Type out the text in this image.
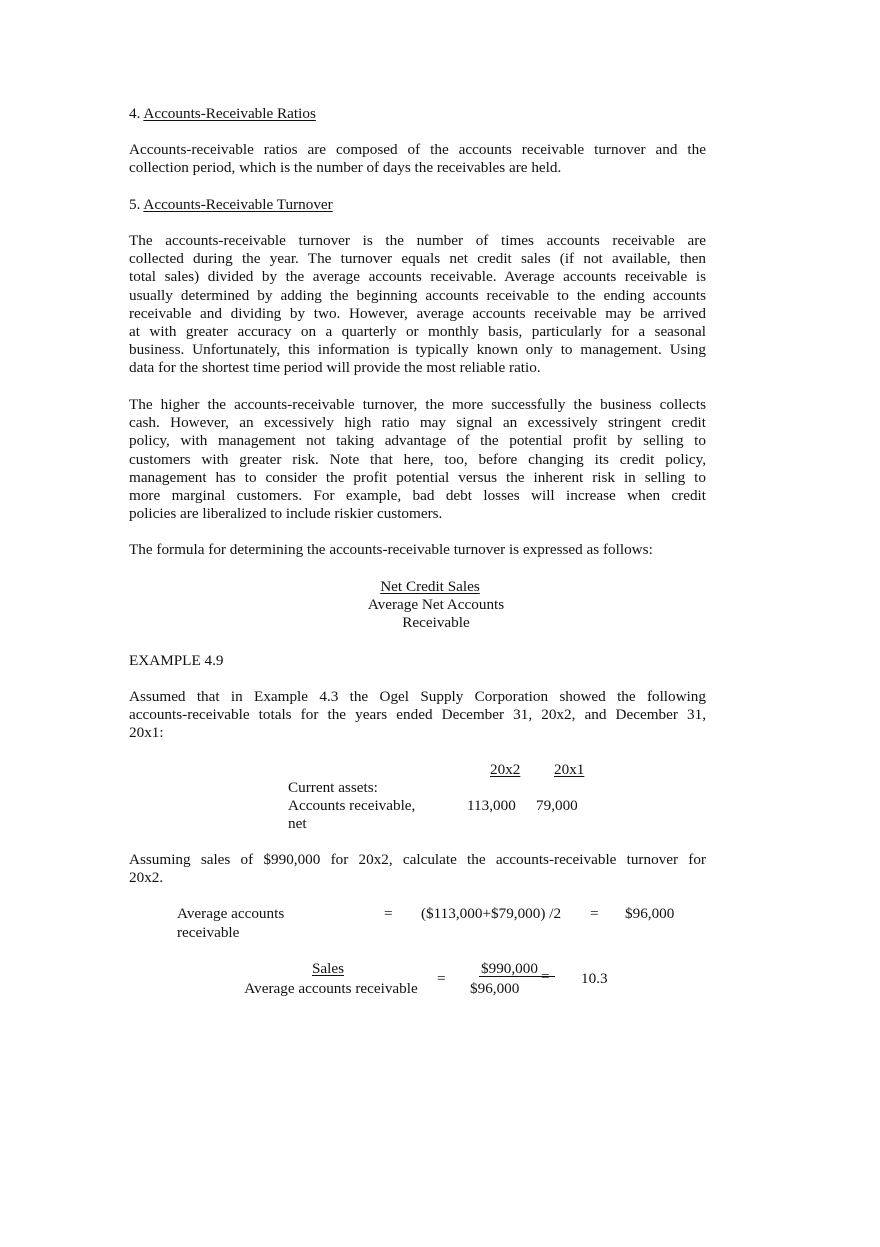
4. Accounts-Receivable Ratios

Accounts-receivable ratios are composed of the accounts receivable turnover and the
collection period, which is the number of days the receivables are held.

5. Accounts-Receivable Turnover

The accounts-receivable turnover is the number of times accounts receivable are
collected during the year. The turnover equals net credit sales (if not available, then
total sales) divided by the average accounts receivable. Average accounts receivable is
usually determined by adding the beginning accounts receivable to the ending accounts
receivable and dividing by two. However, average accounts receivable may be arrived
at with greater accuracy on a quarterly or monthly basis, particularly for a seasonal
business. Unfortunately, this information is typically known only to management. Using
data for the shortest time period will provide the most reliable ratio.

The higher the accounts-receivable turnover, the more successfully the business collects
cash. However, an excessively high ratio may signal an excessively stringent credit
policy, with management not taking advantage of the potential profit by selling to
customers with greater risk. Note that here, too, before changing its credit policy,
management has to consider the profit potential versus the inherent risk in selling to
more marginal customers. For example, bad debt losses will increase when credit
policies are liberalized to include riskier customers.

The formula for determining the accounts-receivable turnover is expressed as follows:
Net Credit Sales
Average Net Accounts
Receivable
EXAMPLE 4.9

Assumed that in Example 4.3 the Ogel Supply Corporation showed the following
accounts-receivable totals for the years ended December 31, 20x2, and December 31,
20x1:

20x2 20x1
Current assets:
Accounts receivable,
net
113,000 79,000

Assuming sales of $990,000 for 20x2, calculate the accounts-receivable turnover for
20x2.

Average accounts
receivable
= ($113,000+$79,000) /2 = $96,000
Sales
Average accounts receivable
=
$990,000
$96,000
= 10.3
